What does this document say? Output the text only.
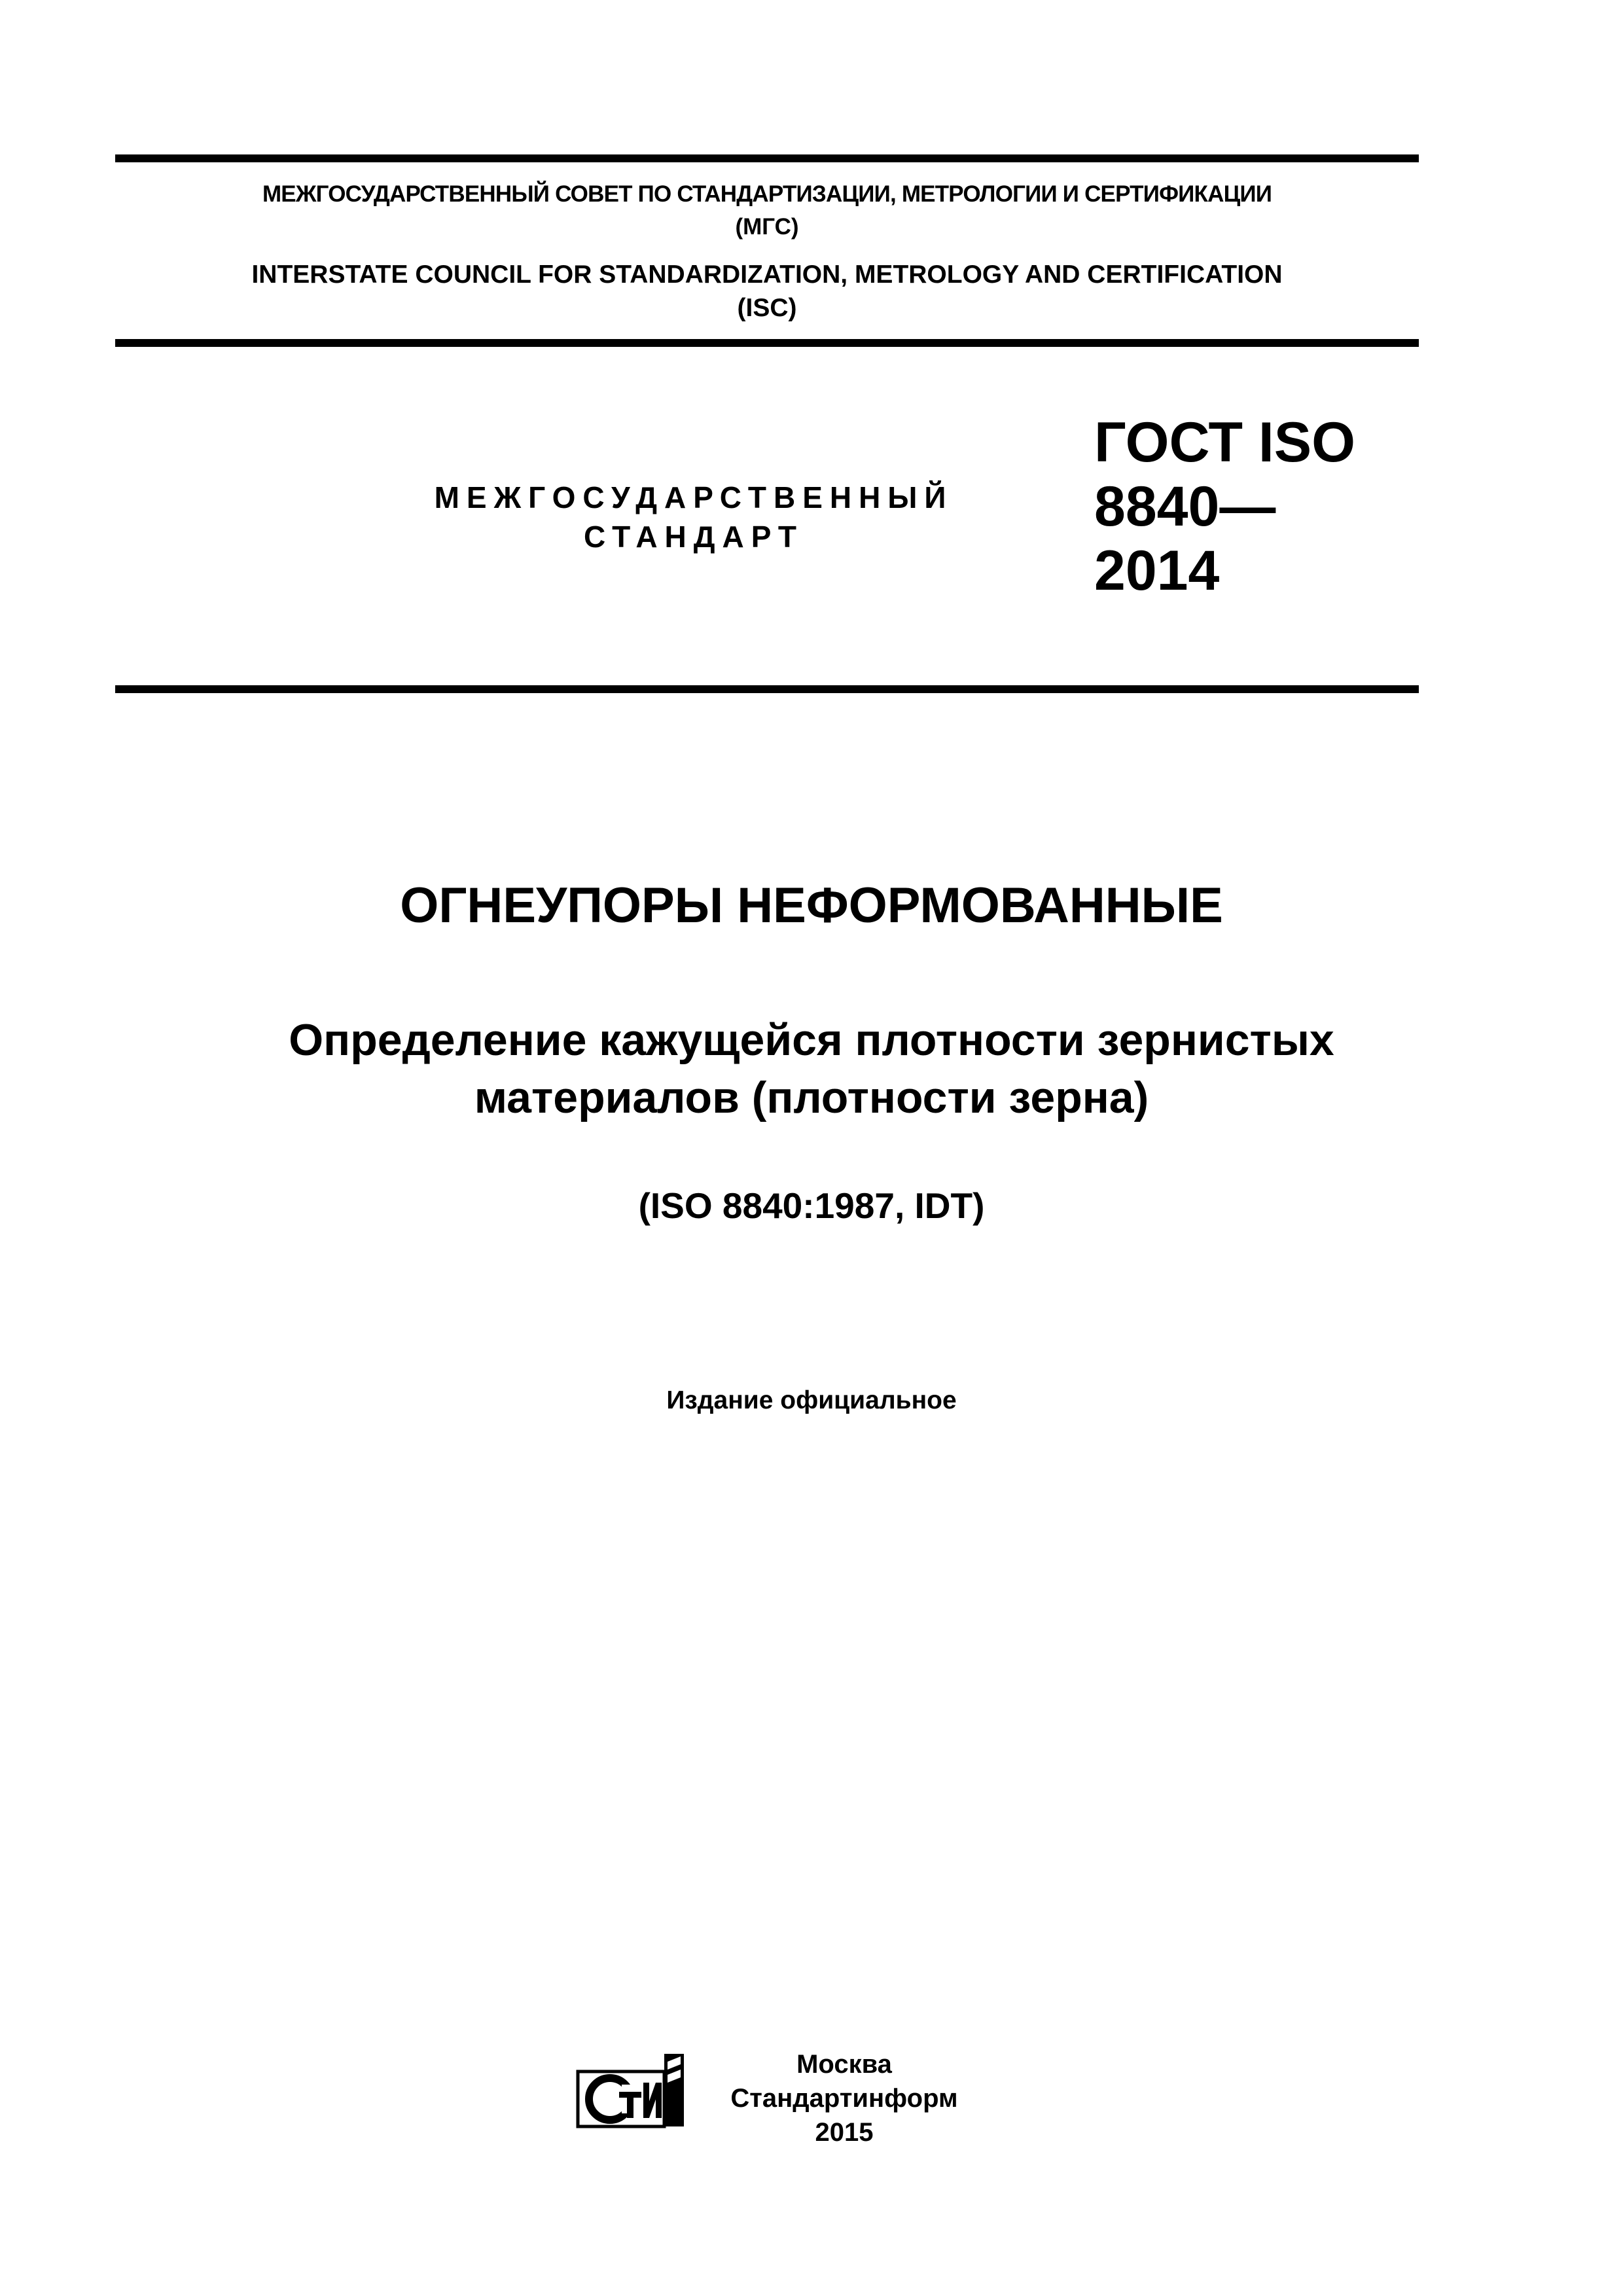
МЕЖГОСУДАРСТВЕННЫЙ СОВЕТ ПО СТАНДАРТИЗАЦИИ, МЕТРОЛОГИИ И СЕРТИФИКАЦИИ
(МГС)
INTERSTATE COUNCIL FOR STANDARDIZATION, METROLOGY AND CERTIFICATION
(ISC)
МЕЖГОСУДАРСТВЕННЫЙ
СТАНДАРТ
ГОСТ ISO
8840—
2014
ОГНЕУПОРЫ НЕФОРМОВАННЫЕ
Определение кажущейся плотности зернистых
материалов (плотности зерна)
(ISO 8840:1987, IDT)
Издание официальное
Москва
Стандартинформ
2015
